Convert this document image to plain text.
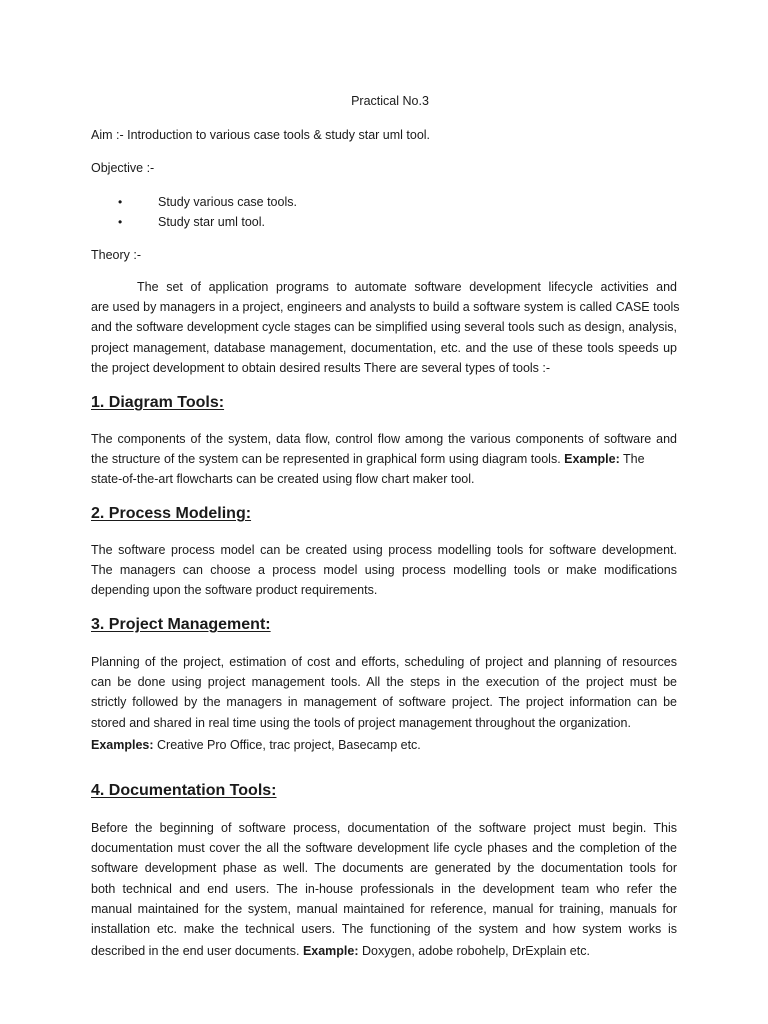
Practical No.3
Aim :- Introduction to various case tools & study star uml tool.
Objective :-
•	Study various case tools.
•	Study star uml tool.
Theory :-
The set of application programs to automate software development lifecycle activities and
are used by managers in a project, engineers and analysts to build a software system is called CASE tools
and the software development cycle stages can be simplified using several tools such as design, analysis,
project management, database management, documentation, etc. and the use of these tools speeds up
the project development to obtain desired results There are several types of tools :-
1. Diagram Tools:
The components of the system, data flow, control flow among the various components of software and
the structure of the system can be represented in graphical form using diagram tools. Example: The
state-of-the-art flowcharts can be created using flow chart maker tool.
2. Process Modeling:
The software process model can be created using process modelling tools for software development.
The managers can choose a process model using process modelling tools or make modifications
depending upon the software product requirements.
3. Project Management:
Planning of the project, estimation of cost and efforts, scheduling of project and planning of resources
can be done using project management tools. All the steps in the execution of the project must be
strictly followed by the managers in management of software project. The project information can be
stored and shared in real time using the tools of project management throughout the organization.
Examples: Creative Pro Office, trac project, Basecamp etc.
4. Documentation Tools:
Before the beginning of software process, documentation of the software project must begin. This
documentation must cover the all the software development life cycle phases and the completion of the
software development phase as well. The documents are generated by the documentation tools for
both technical and end users. The in-house professionals in the development team who refer the
manual maintained for the system, manual maintained for reference, manual for training, manuals for
installation etc. make the technical users. The functioning of the system and how system works is
described in the end user documents. Example: Doxygen, adobe robohelp, DrExplain etc.
